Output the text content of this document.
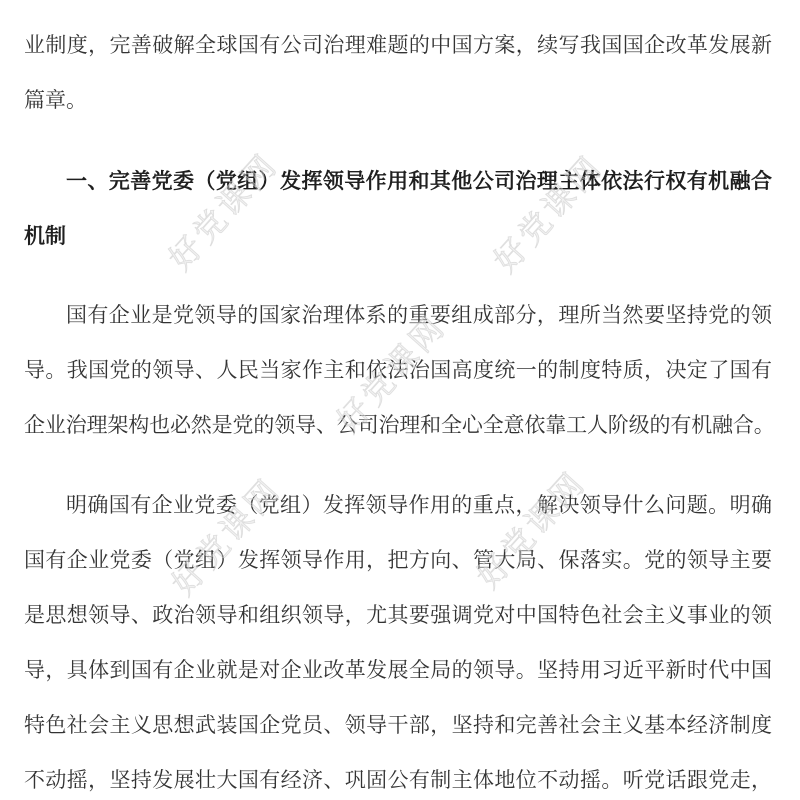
业制度，完善破解全球国有公司治理难题的中国方案，续写我国国企改革发展新
篇章。
一、完善党委（党组）发挥领导作用和其他公司治理主体依法行权有机融合
机制
国有企业是党领导的国家治理体系的重要组成部分，理所当然要坚持党的领
导。我国党的领导、人民当家作主和依法治国高度统一的制度特质，决定了国有
企业治理架构也必然是党的领导、公司治理和全心全意依靠工人阶级的有机融合。
明确国有企业党委（党组）发挥领导作用的重点，解决领导什么问题。明确
国有企业党委（党组）发挥领导作用，把方向、管大局、保落实。党的领导主要
是思想领导、政治领导和组织领导，尤其要强调党对中国特色社会主义事业的领
导，具体到国有企业就是对企业改革发展全局的领导。坚持用习近平新时代中国
特色社会主义思想武装国企党员、领导干部，坚持和完善社会主义基本经济制度
不动摇，坚持发展壮大国有经济、巩固公有制主体地位不动摇。听党话跟党走，
好党课网	好党课网
好党课网
好党课网	好党课网
